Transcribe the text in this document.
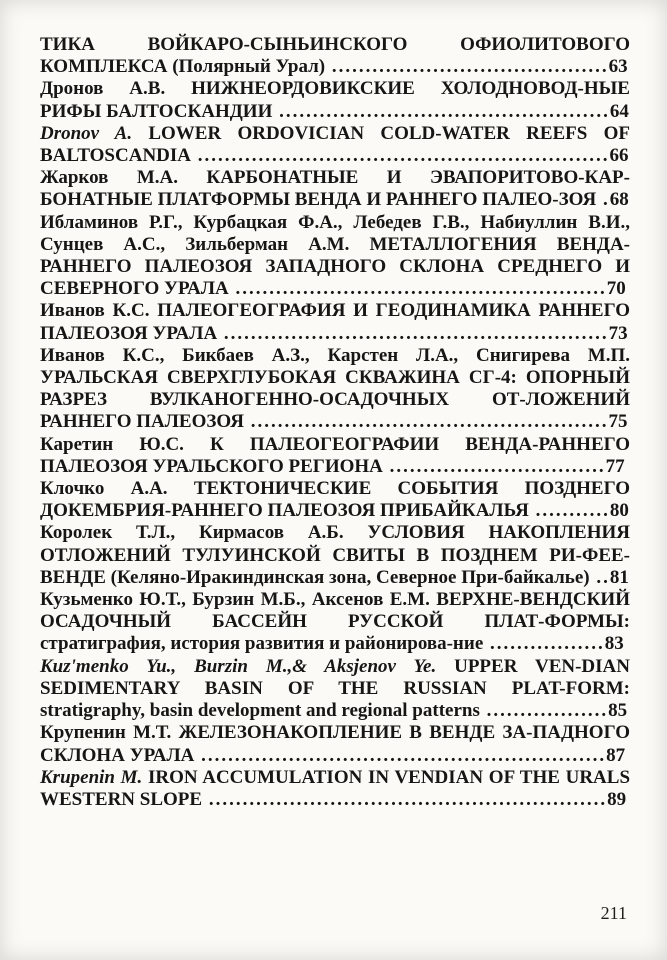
ТИКА ВОЙКАРО-СЫНЬИНСКОГО ОФИОЛИТОВОГО КОМПЛЕКСА (Полярный Урал) .........................................63

Дронов А.В. НИЖНЕОРДОВИКСКИЕ ХОЛОДНОВОД-НЫЕ РИФЫ БАЛТОСКАНДИИ .................................................64

Dronov A. LOWER ORDOVICIAN COLD-WATER REEFS OF BALTOSCANDIA .............................................................66

Жарков М.А. КАРБОНАТНЫЕ И ЭВАПОРИТОВО-КАР-БОНАТНЫЕ ПЛАТФОРМЫ ВЕНДА И РАННЕГО ПАЛЕО-ЗОЯ .68

Ибламинов Р.Г., Курбацкая Ф.А., Лебедев Г.В., Набиуллин В.И., Сунцев А.С., Зильберман А.М. МЕТАЛЛОГЕНИЯ ВЕНДА-РАННЕГО ПАЛЕОЗОЯ ЗАПАДНОГО СКЛОНА СРЕДНЕГО И СЕВЕРНОГО УРАЛА .......................................................70

Иванов К.С. ПАЛЕОГЕОГРАФИЯ И ГЕОДИНАМИКА РАННЕГО ПАЛЕОЗОЯ УРАЛА .........................................................73

Иванов К.С., Бикбаев А.З., Карстен Л.А., Снигирева М.П. УРАЛЬСКАЯ СВЕРХГЛУБОКАЯ СКВАЖИНА СГ-4: ОПОРНЫЙ РАЗРЕЗ ВУЛКАНОГЕННО-ОСАДОЧНЫХ ОТ-ЛОЖЕНИЙ РАННЕГО ПАЛЕОЗОЯ .....................................................75

Каретин Ю.С. К ПАЛЕОГЕОГРАФИИ ВЕНДА-РАННЕГО ПАЛЕОЗОЯ УРАЛЬСКОГО РЕГИОНА ................................77

Клочко А.А. ТЕКТОНИЧЕСКИЕ СОБЫТИЯ ПОЗДНЕГО ДОКЕМБРИЯ-РАННЕГО ПАЛЕОЗОЯ ПРИБАЙКАЛЬЯ ...........80

Королек Т.Л., Кирмасов А.Б. УСЛОВИЯ НАКОПЛЕНИЯ ОТЛОЖЕНИЙ ТУЛУИНСКОЙ СВИТЫ В ПОЗДНЕМ РИ-ФЕЕ-ВЕНДЕ (Келяно-Иракиндинская зона, Северное При-байкалье) ..81

Кузьменко Ю.Т., Бурзин М.Б., Аксенов Е.М. ВЕРХНЕ-ВЕНДСКИЙ ОСАДОЧНЫЙ БАССЕЙН РУССКОЙ ПЛАТ-ФОРМЫ: стратиграфия, история развития и районирова-ние .................83

Kuz'menko Yu., Burzin M.,& Aksjenov Ye. UPPER VEN-DIAN SEDIMENTARY BASIN OF THE RUSSIAN PLAT-FORM: stratigraphy, basin development and regional patterns ..................85

Крупенин М.Т. ЖЕЛЕЗОНАКОПЛЕНИЕ В ВЕНДЕ ЗА-ПАДНОГО СКЛОНА УРАЛА ............................................................87

Krupenin M. IRON ACCUMULATION IN VENDIAN OF THE URALS WESTERN SLOPE ...........................................................89

211
